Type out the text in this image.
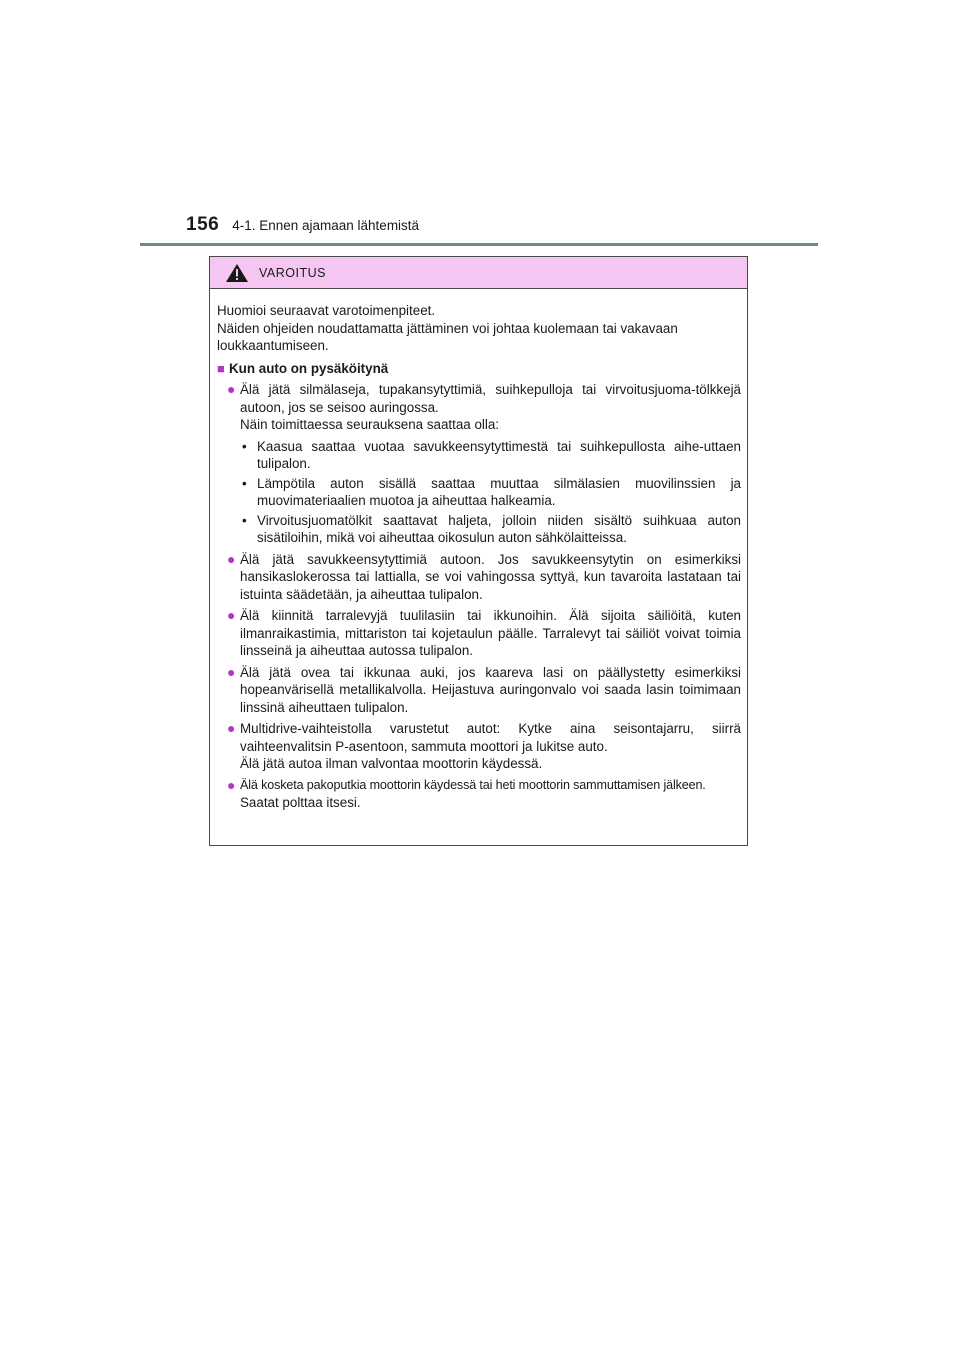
156 4-1. Ennen ajamaan lähtemistä
VAROITUS

Huomioi seuraavat varotoimenpiteet.

Näiden ohjeiden noudattamatta jättäminen voi johtaa kuolemaan tai vakavaan loukkaantumiseen.

■ Kun auto on pysäköitynä
● Älä jätä silmälaseja, tupakansytyttimiä, suihkepulloja tai virvoitusjuoma-tölkkejä autoon, jos se seisoo auringossa.

Näin toimittaessa seurauksena saattaa olla:

• Kaasua saattaa vuotaa savukkeensytyttimestä tai suihkepullosta aihe-uttaen tulipalon.
• Lämpötila auton sisällä saattaa muuttaa silmälasien muovilinssien ja muovimateriaalien muotoa ja aiheuttaa halkeamia.
• Virvoitusjuomatölkit saattavat haljeta, jolloin niiden sisältö suihkuaa auton sisätiloihin, mikä voi aiheuttaa oikosulun auton sähkölaitteissa.
● Älä jätä savukkeensytyttimiä autoon. Jos savukkeensytytin on esimerkiksi hansikaslokerossa tai lattialla, se voi vahingossa syttyä, kun tavaroita lastataan tai istuinta säädetään, ja aiheuttaa tulipalon.

● Älä kiinnitä tarralevyjä tuulilasiin tai ikkunoihin. Älä sijoita säiliöitä, kuten ilmanraikastimia, mittariston tai kojetaulun päälle. Tarralevyt tai säiliöt voivat toimia linsseinä ja aiheuttaa autossa tulipalon.

● Älä jätä ovea tai ikkunaa auki, jos kaareva lasi on päällystetty esimerkiksi hopeanvärisellä metallikalvolla. Heijastuva auringonvalo voi saada lasin toimimaan linssinä aiheuttaen tulipalon.

● Multidrive-vaihteistolla varustetut autot: Kytke aina seisontajarru, siirrä vaihteenvalitsin P-asentoon, sammuta moottori ja lukitse auto.

Älä jätä autoa ilman valvontaa moottorin käydessä.

● Älä kosketa pakoputkia moottorin käydessä tai heti moottorin sammuttamisen jälkeen.

Saatat polttaa itsesi.
